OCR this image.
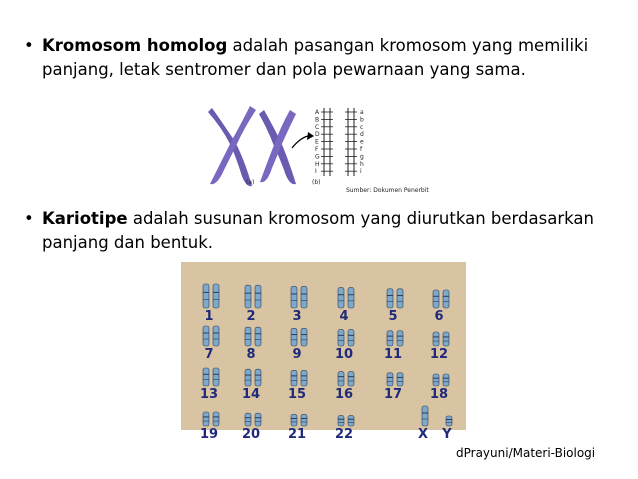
• Kromosom homolog adalah pasangan kromosom yang memiliki panjang, letak sentromer dan pola pewarnaan yang sama.
(a)	(b)
Sumber: Dokumen Penerbit
A	a
B	b
C	c
D	d
E	e
F	f
G	g
H	h
I	i
• Kariotipe adalah susunan kromosom yang diurutkan berdasarkan panjang dan bentuk.
1	2	3	4	5	6
7	8	9	10 11 12
13 14 15 16 17 18
19 20 21 22	X Y
dPrayuni/Materi-Biologi
